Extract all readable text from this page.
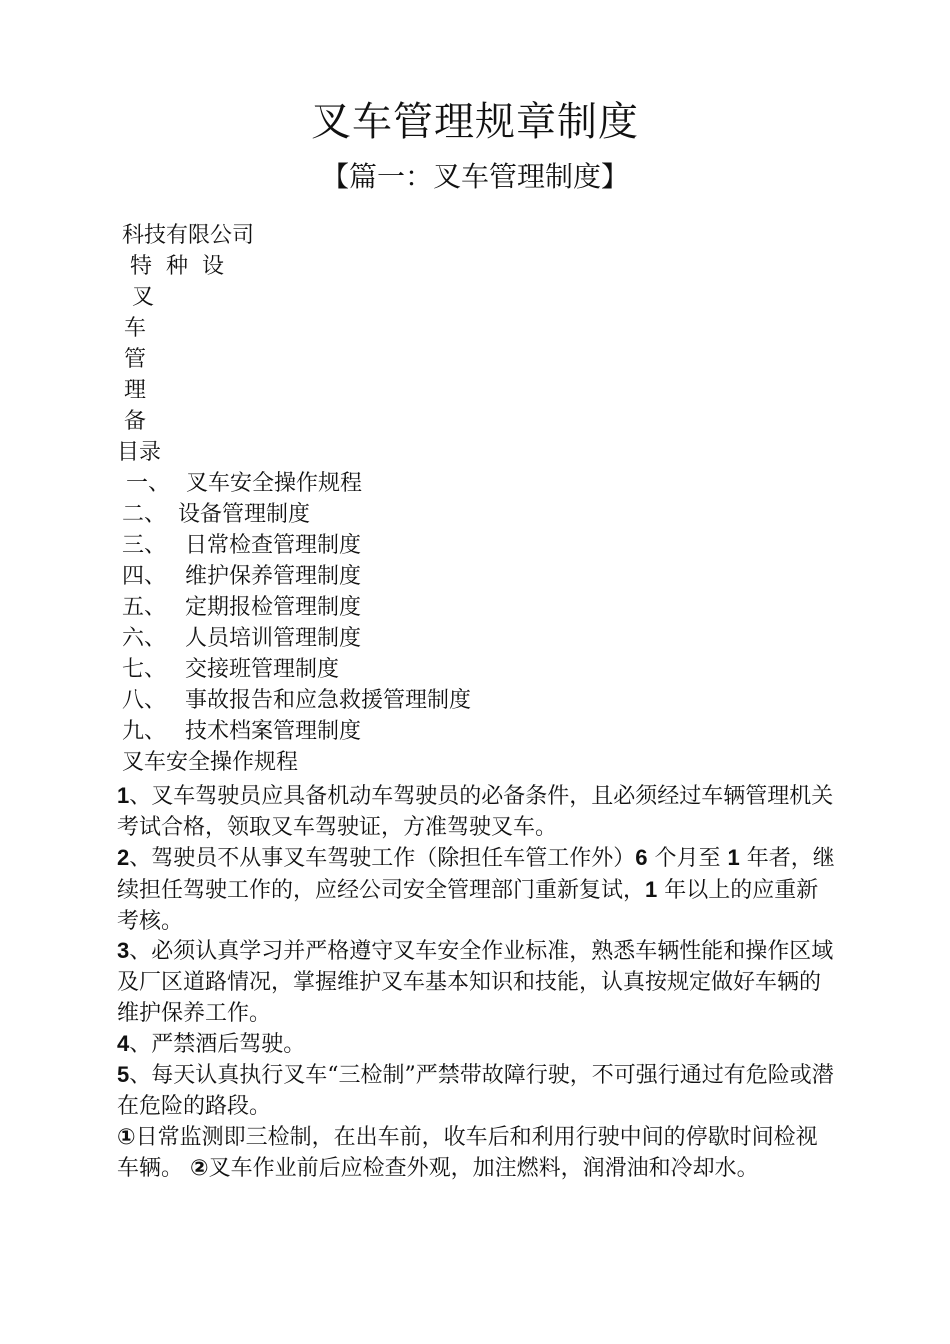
叉车管理规章制度
【篇一：叉车管理制度】
科技有限公司
特  种  设
叉
车
管
理
备
目录
一、 叉车安全操作规程
二、 设备管理制度
三、 日常检查管理制度
四、 维护保养管理制度
五、 定期报检管理制度
六、 人员培训管理制度
七、 交接班管理制度
八、 事故报告和应急救援管理制度
九、 技术档案管理制度
叉车安全操作规程
1、叉车驾驶员应具备机动车驾驶员的必备条件，且必须经过车辆管理机关考试合格，领取叉车驾驶证，方准驾驶叉车。
2、驾驶员不从事叉车驾驶工作（除担任车管工作外）6 个月至 1 年者，继续担任驾驶工作的，应经公司安全管理部门重新复试，1 年以上的应重新考核。
3、必须认真学习并严格遵守叉车安全作业标准，熟悉车辆性能和操作区域及厂区道路情况，掌握维护叉车基本知识和技能，认真按规定做好车辆的维护保养工作。
4、严禁酒后驾驶。
5、每天认真执行叉车“三检制”严禁带故障行驶，不可强行通过有危险或潜在危险的路段。
①日常监测即三检制，在出车前，收车后和利用行驶中间的停歇时间检视车辆。 ②叉车作业前后应检查外观，加注燃料，润滑油和冷却水。
